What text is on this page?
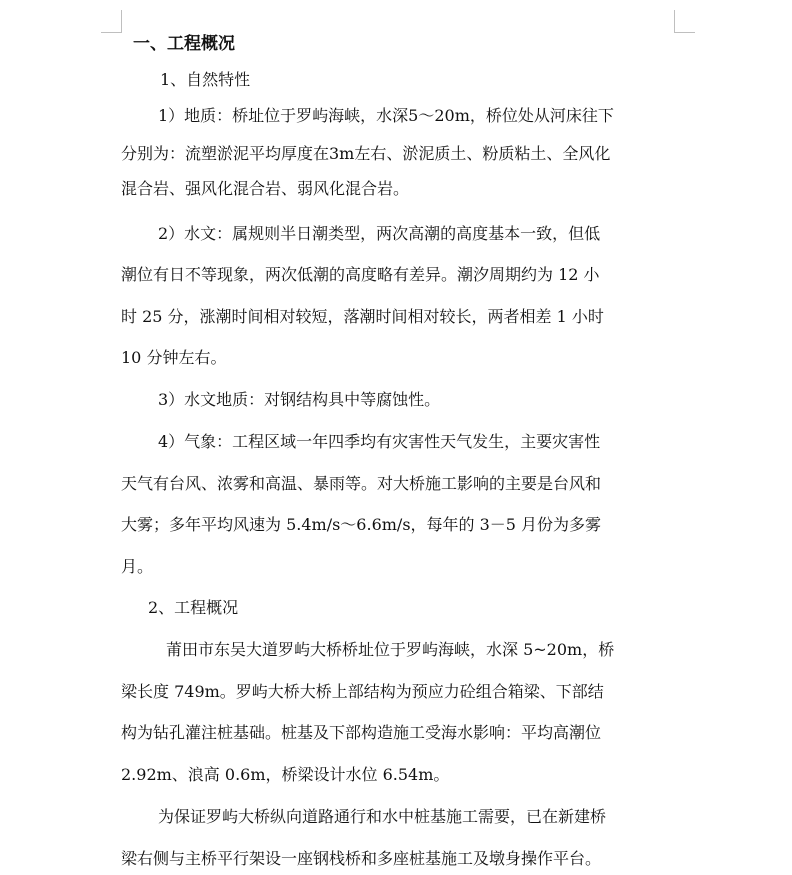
一、工程概况
1、自然特性
1）地质：桥址位于罗屿海峡，水深5～20m，桥位处从河床往下
分别为：流塑淤泥平均厚度在3m左右、淤泥质土、粉质粘土、全风化
混合岩、强风化混合岩、弱风化混合岩。
2）水文：属规则半日潮类型，两次高潮的高度基本一致，但低
潮位有日不等现象，两次低潮的高度略有差异。潮汐周期约为 12 小
时 25 分，涨潮时间相对较短，落潮时间相对较长，两者相差 1 小时
10 分钟左右。
3）水文地质：对钢结构具中等腐蚀性。
4）气象：工程区域一年四季均有灾害性天气发生，主要灾害性
天气有台风、浓雾和高温、暴雨等。对大桥施工影响的主要是台风和
大雾；多年平均风速为 5.4m/s～6.6m/s，每年的 3－5 月份为多雾
月。
2、工程概况
莆田市东吴大道罗屿大桥桥址位于罗屿海峡，水深 5~20m，桥
梁长度 749m。罗屿大桥大桥上部结构为预应力砼组合箱梁、下部结
构为钻孔灌注桩基础。桩基及下部构造施工受海水影响：平均高潮位
2.92m、浪高 0.6m，桥梁设计水位 6.54m。
为保证罗屿大桥纵向道路通行和水中桩基施工需要，已在新建桥
梁右侧与主桥平行架设一座钢栈桥和多座桩基施工及墩身操作平台。
